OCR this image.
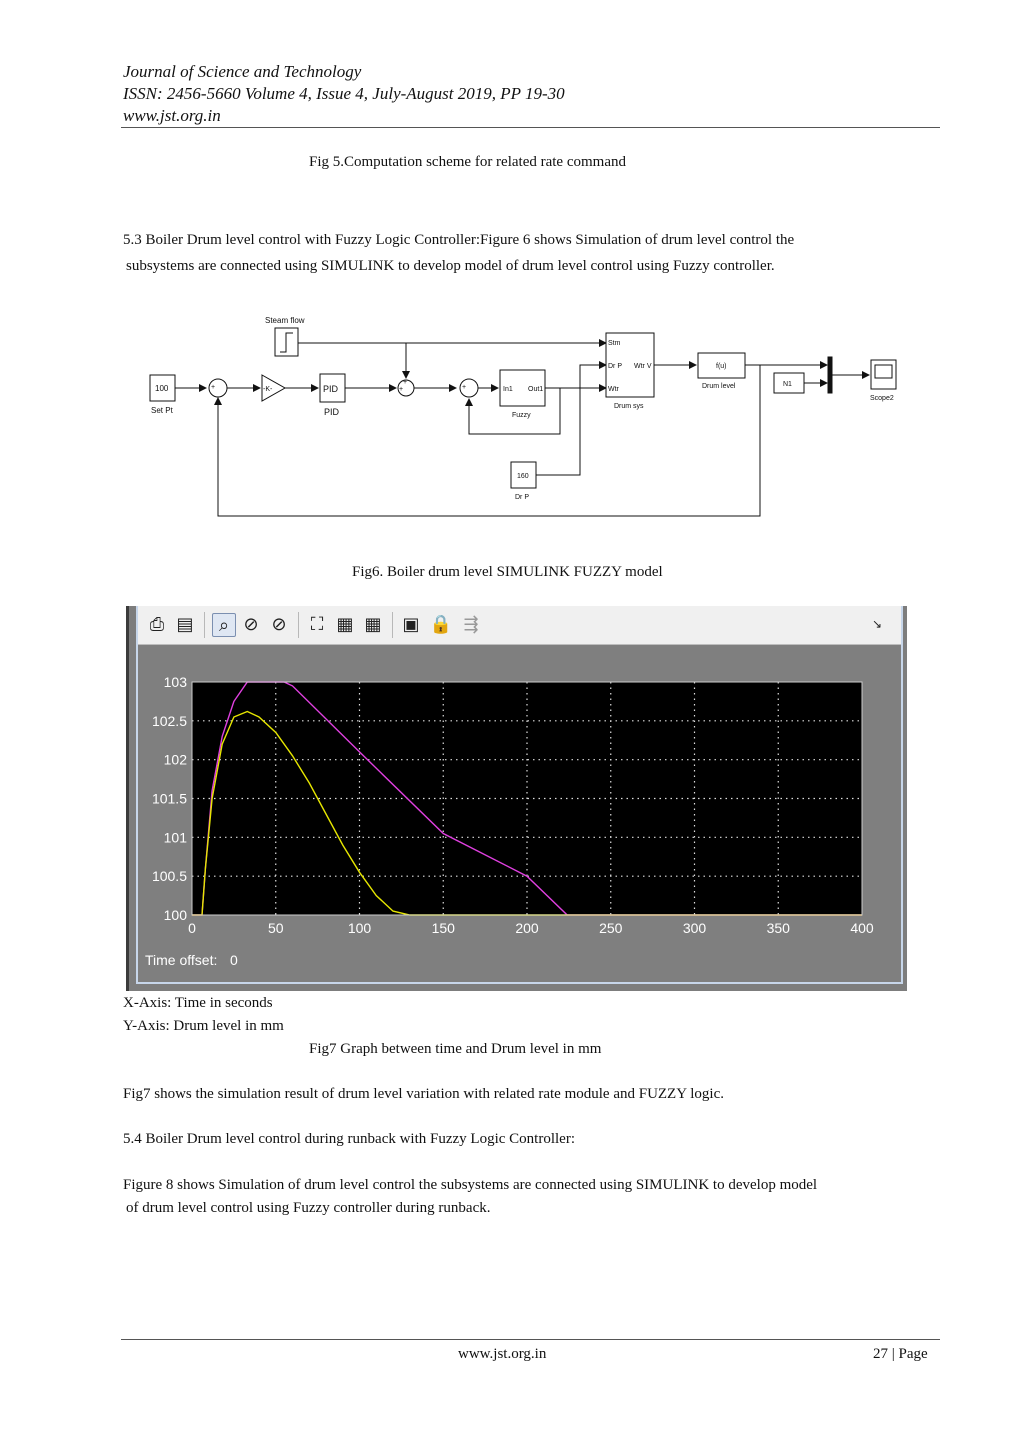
Journal of Science and Technology
ISSN: 2456-5660 Volume 4, Issue 4, July-August 2019, PP 19-30
www.jst.org.in
Fig 5.Computation scheme for related rate command
5.3 Boiler Drum level control with Fuzzy Logic Controller:Figure 6 shows Simulation of drum level control the
subsystems are connected using SIMULINK to develop model of drum level control using Fuzzy controller.
Steam flow
100
Set Pt
+
-
-K-	PID
PID
+
+	+
-
In1 Out1
Fuzzy
Stm
Dr P
Wtr
Wtr V
Drum sys
f(u)
Drum level	N1
160
Dr P
Scope2
Fig6. Boiler drum level SIMULINK FUZZY model
⎙ ▤	⌕ ⊘ ⊘ ⛶ ▦ ▦ ▣ 🔒 ⇶	↘
0	50	100	150	200	250	300	350	400
103
102.5
102
101.5
101
100.5
100
Time offset: 0
X-Axis: Time in seconds
Y-Axis: Drum level in mm
Fig7 Graph between time and Drum level in mm
Fig7 shows the simulation result of drum level variation with related rate module and FUZZY logic.
5.4 Boiler Drum level control during runback with Fuzzy Logic Controller:
Figure 8 shows Simulation of drum level control the subsystems are connected using SIMULINK to develop model
of drum level control using Fuzzy controller during runback.
www.jst.org.in	27 | Page
